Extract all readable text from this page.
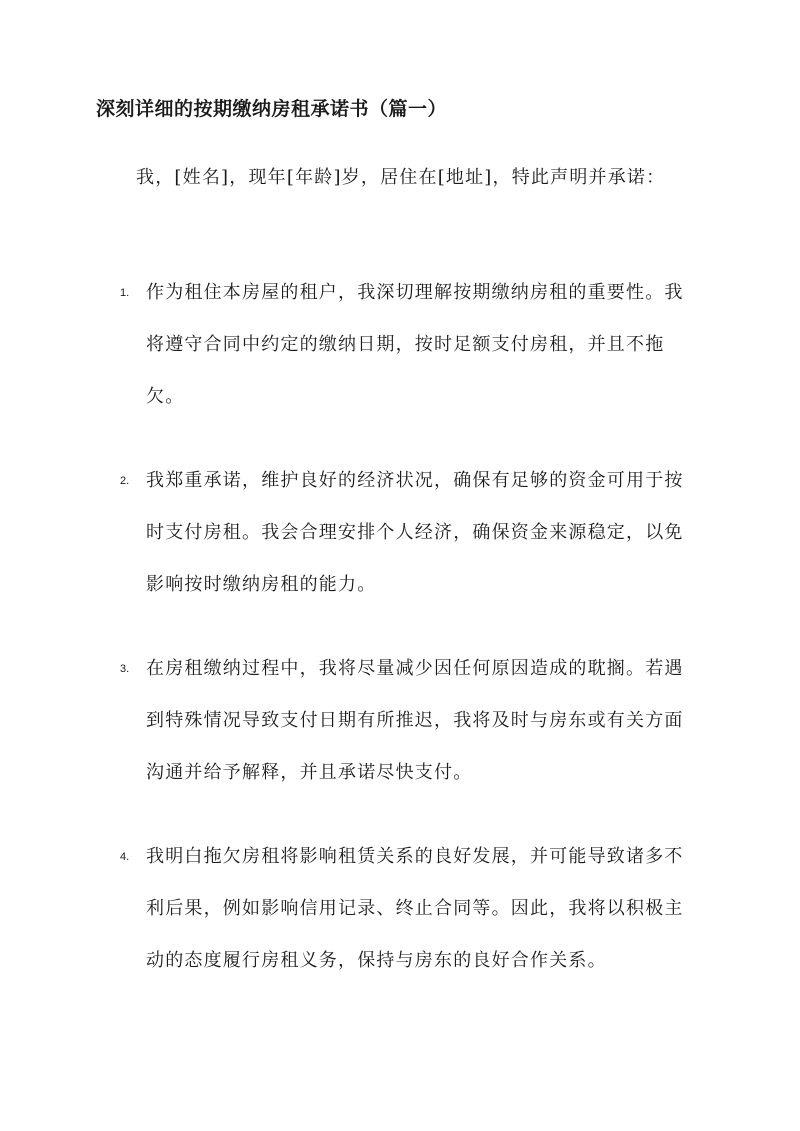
深刻详细的按期缴纳房租承诺书（篇一）
我，[姓名]，现年[年龄]岁，居住在[地址]，特此声明并承诺：
1. 作为租住本房屋的租户，我深切理解按期缴纳房租的重要性。我将遵守合同中约定的缴纳日期，按时足额支付房租，并且不拖欠。
2. 我郑重承诺，维护良好的经济状况，确保有足够的资金可用于按时支付房租。我会合理安排个人经济，确保资金来源稳定，以免影响按时缴纳房租的能力。
3. 在房租缴纳过程中，我将尽量减少因任何原因造成的耽搁。若遇到特殊情况导致支付日期有所推迟，我将及时与房东或有关方面沟通并给予解释，并且承诺尽快支付。
4. 我明白拖欠房租将影响租赁关系的良好发展，并可能导致诸多不利后果，例如影响信用记录、终止合同等。因此，我将以积极主动的态度履行房租义务，保持与房东的良好合作关系。
